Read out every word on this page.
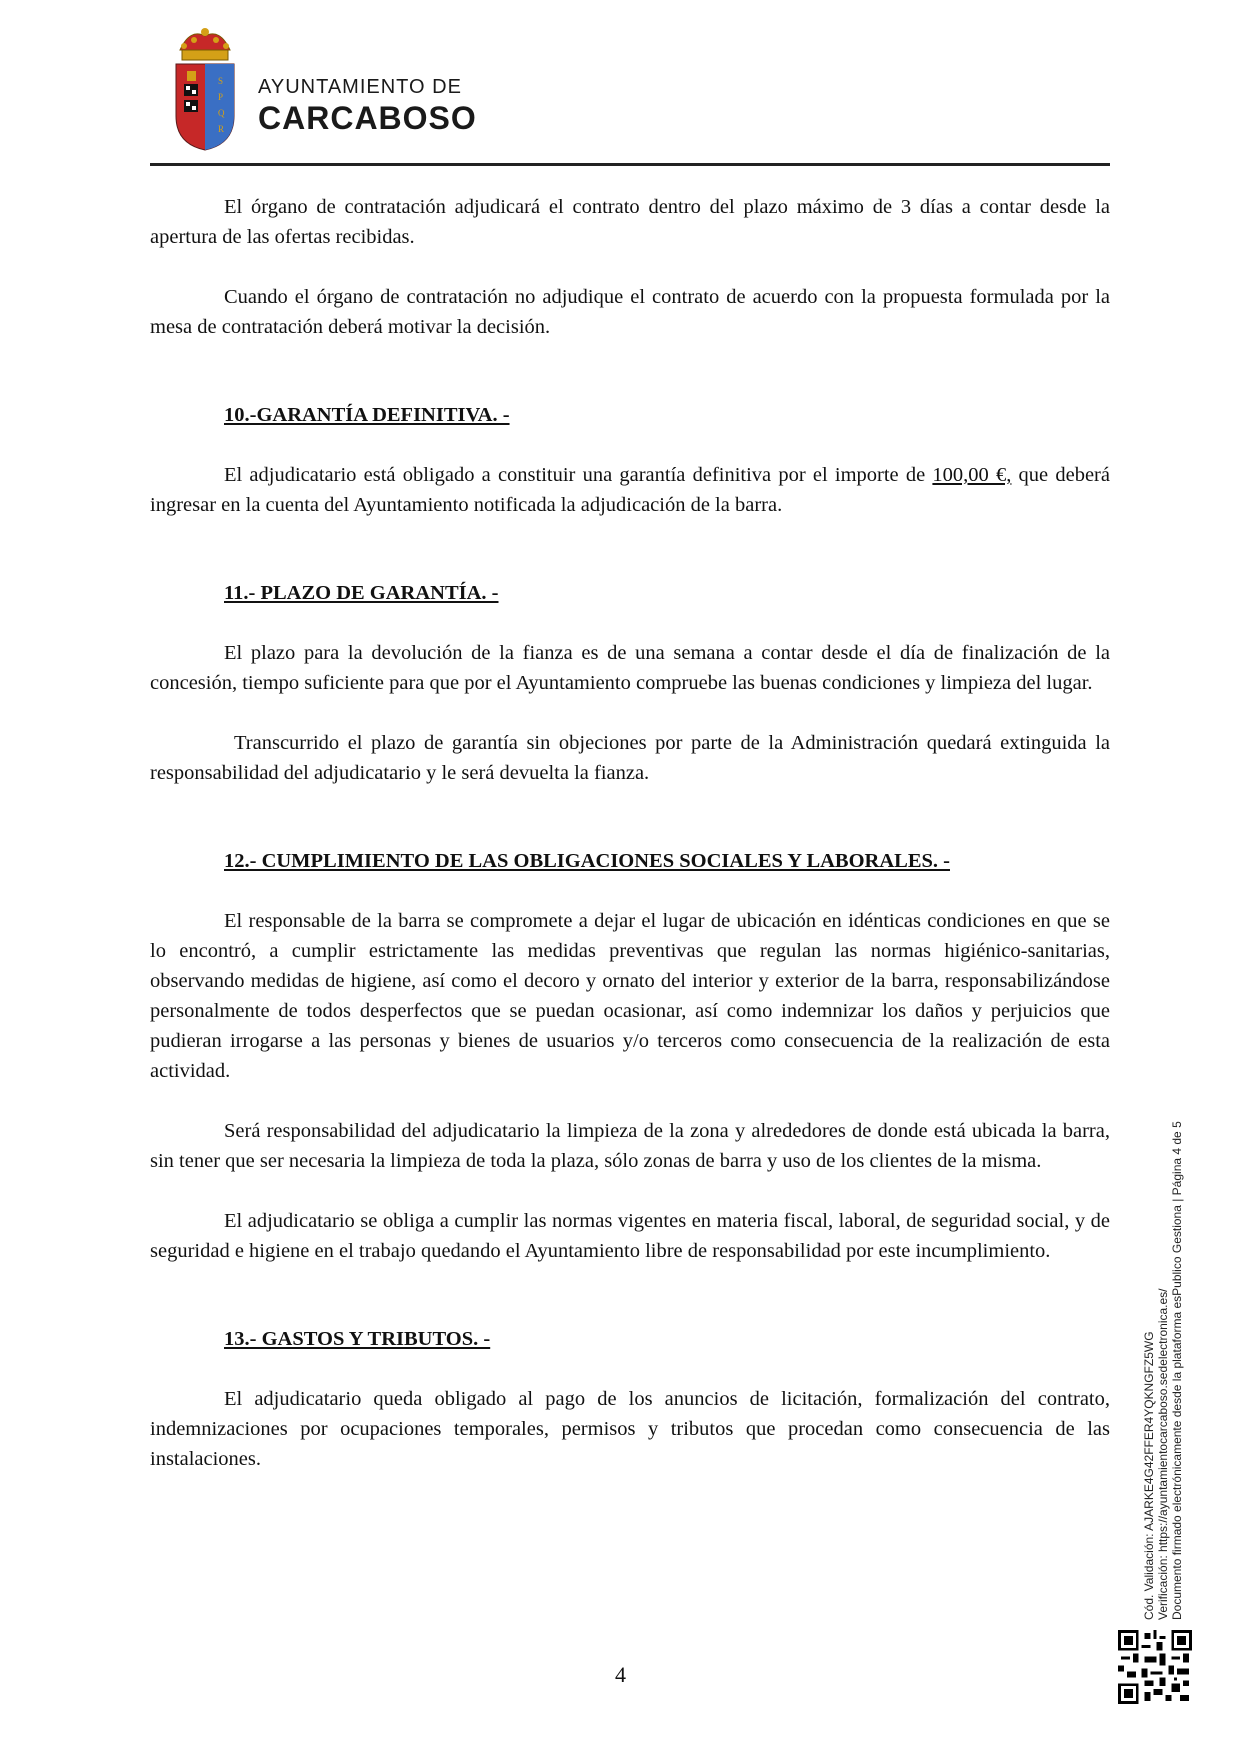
S
P
Q
R
AYUNTAMIENTO DE
CARCABOSO

El órgano de contratación adjudicará el contrato dentro del plazo máximo de 3 días a contar desde la apertura de las ofertas recibidas.

Cuando el órgano de contratación no adjudique el contrato de acuerdo con la propuesta formulada por la mesa de contratación deberá motivar la decisión.

10.-GARANTÍA DEFINITIVA. -

El adjudicatario está obligado a constituir una garantía definitiva por el importe de 100,00 €, que deberá ingresar en la cuenta del Ayuntamiento notificada la adjudicación de la barra.

11.- PLAZO DE GARANTÍA. -

El plazo para la devolución de la fianza es de una semana a contar desde el día de finalización de la concesión, tiempo suficiente para que por el Ayuntamiento compruebe las buenas condiciones y limpieza del lugar.

Transcurrido el plazo de garantía sin objeciones por parte de la Administración quedará extinguida la responsabilidad del adjudicatario y le será devuelta la fianza.

12.- CUMPLIMIENTO DE LAS OBLIGACIONES SOCIALES Y LABORALES. -

El responsable de la barra se compromete a dejar el lugar de ubicación en idénticas condiciones en que se lo encontró, a cumplir estrictamente las medidas preventivas que regulan las normas higiénico-sanitarias, observando medidas de higiene, así como el decoro y ornato del interior y exterior de la barra, responsabilizándose personalmente de todos desperfectos que se puedan ocasionar, así como indemnizar los daños y perjuicios que pudieran irrogarse a las personas y bienes de usuarios y/o terceros como consecuencia de la realización de esta actividad.

Será responsabilidad del adjudicatario la limpieza de la zona y alrededores de donde está ubicada la barra, sin tener que ser necesaria la limpieza de toda la plaza, sólo zonas de barra y uso de los clientes de la misma.

El adjudicatario se obliga a cumplir las normas vigentes en materia fiscal, laboral, de seguridad social, y de seguridad e higiene en el trabajo quedando el Ayuntamiento libre de responsabilidad por este incumplimiento.

13.- GASTOS Y TRIBUTOS. -

El adjudicatario queda obligado al pago de los anuncios de licitación, formalización del contrato, indemnizaciones por ocupaciones temporales, permisos y tributos que procedan como consecuencia de las instalaciones.

4
Cód. Validación: AJARKE4G42FFER4YQKNGFZ5WG Verificación: https://ayuntamientocarcaboso.sedelectronica.es/ Documento firmado electrónicamente desde la plataforma esPublico Gestiona | Página 4 de 5
